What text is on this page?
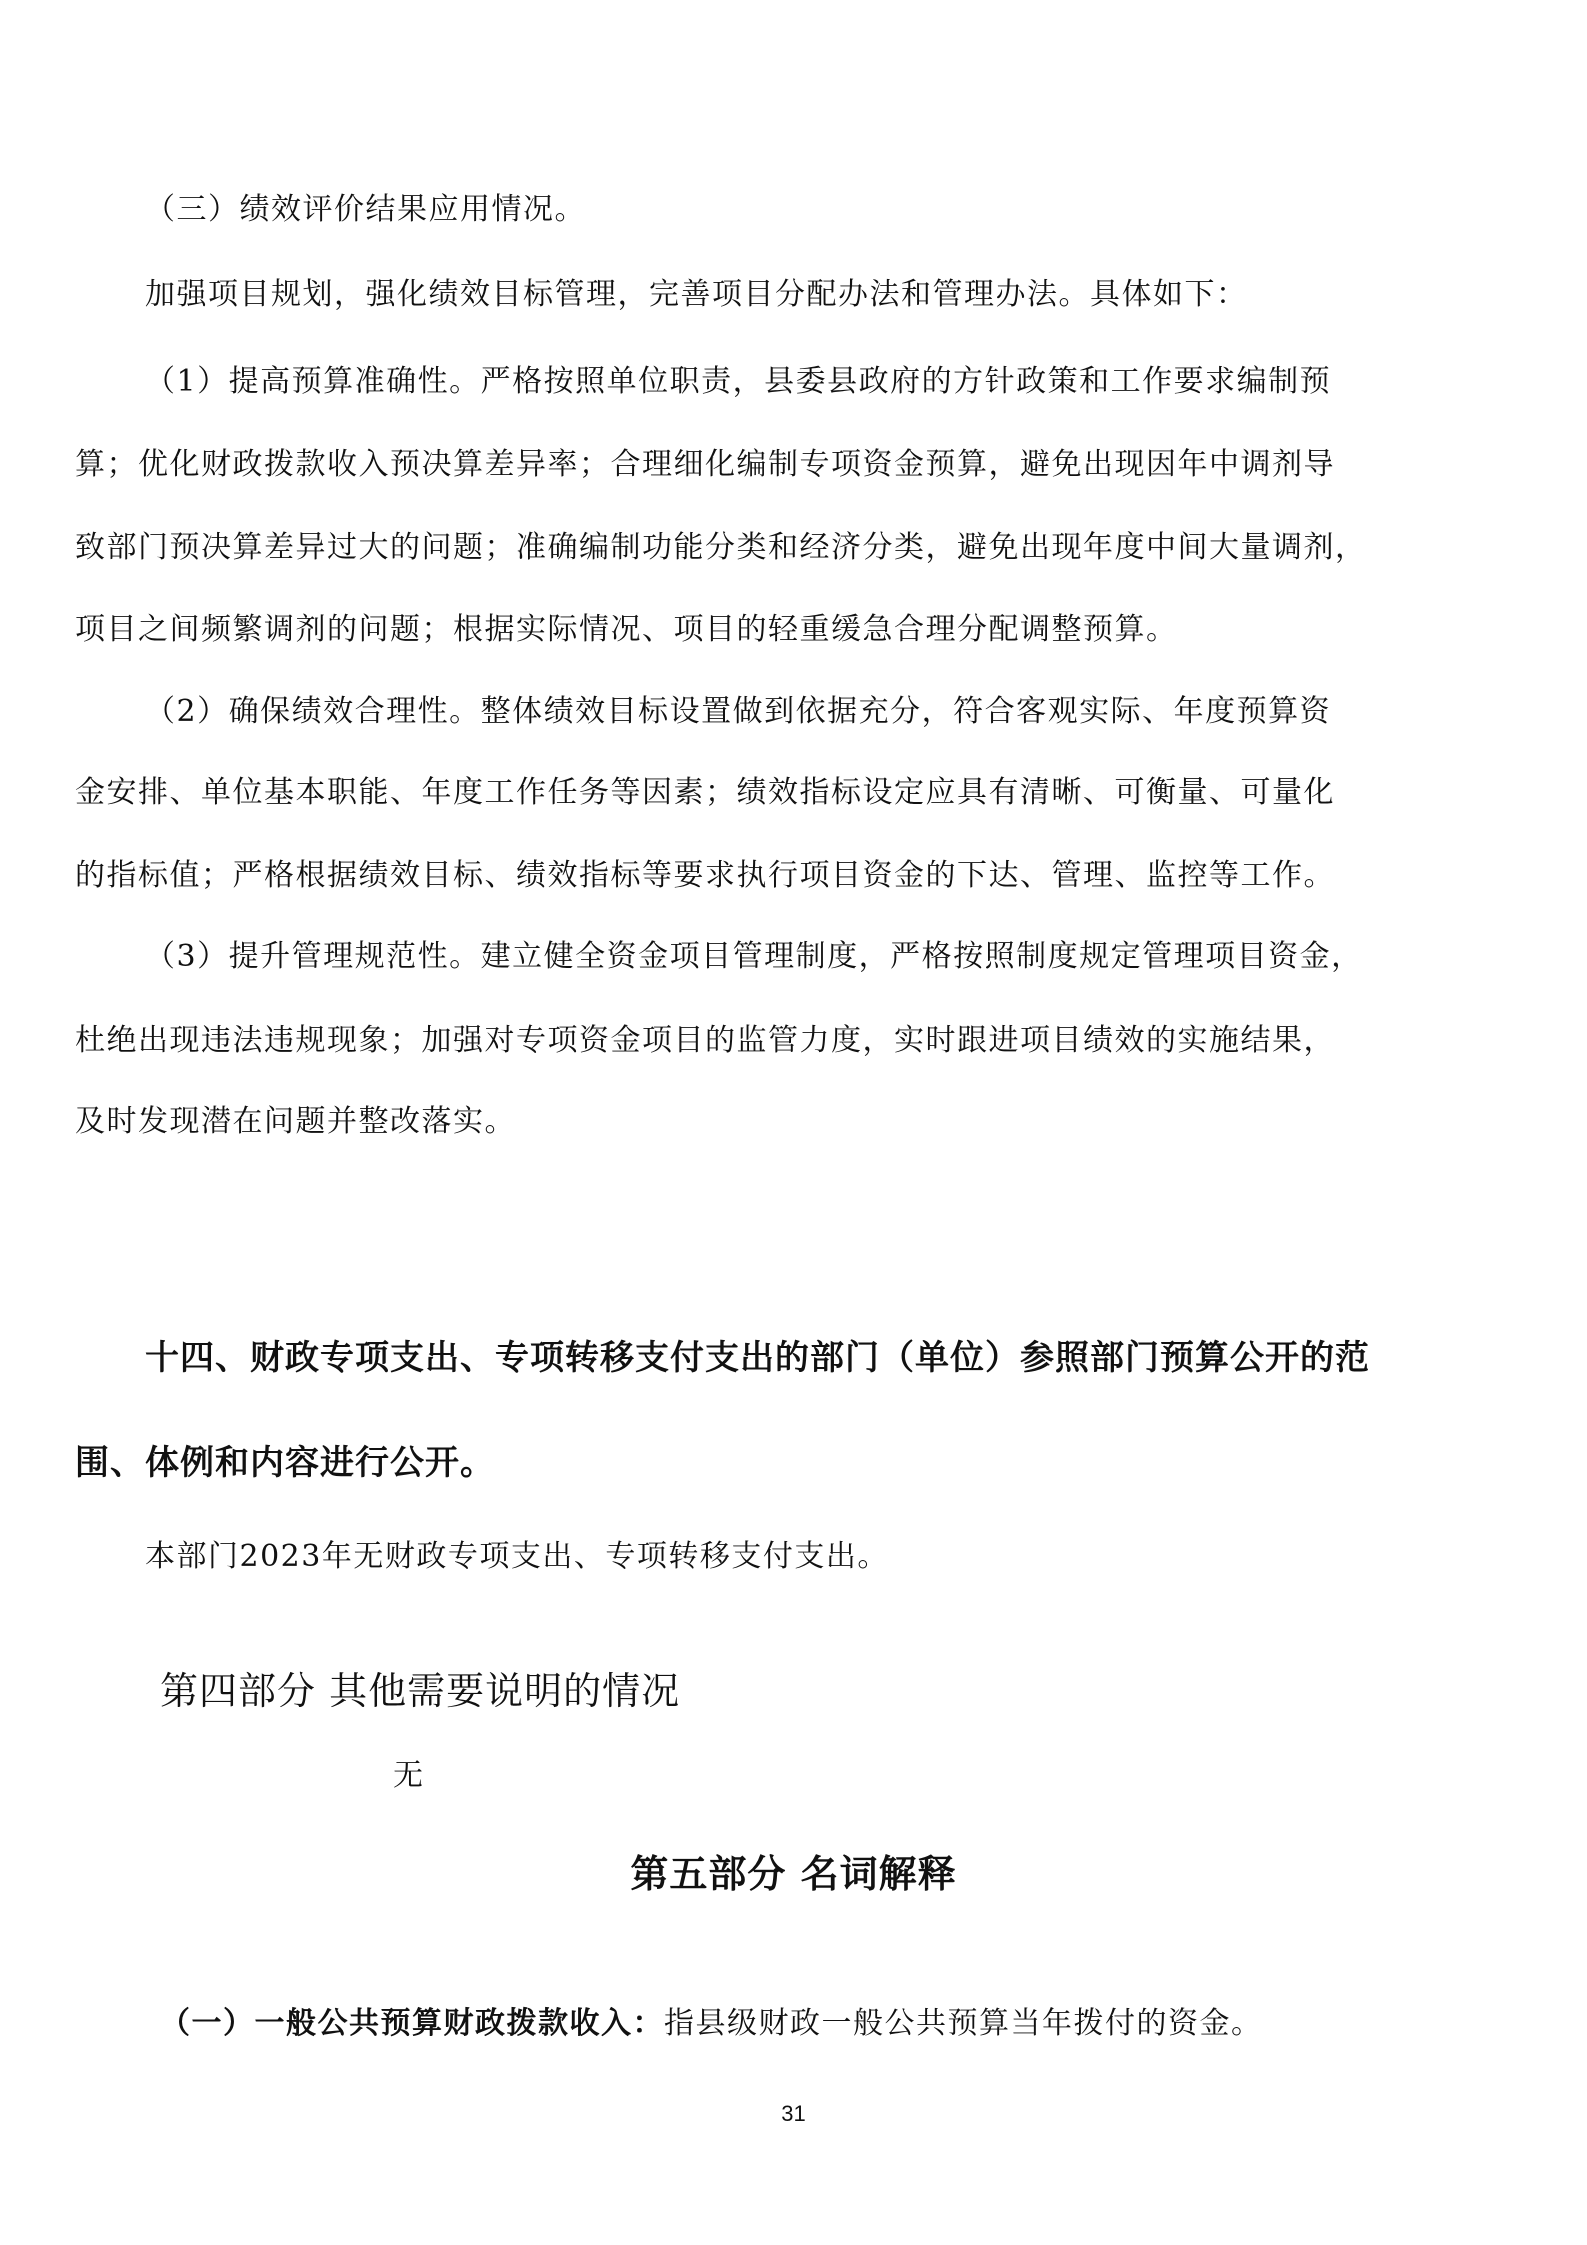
（三）绩效评价结果应用情况。
加强项目规划，强化绩效目标管理，完善项目分配办法和管理办法。具体如下：
（1）提高预算准确性。严格按照单位职责，县委县政府的方针政策和工作要求编制预
算；优化财政拨款收入预决算差异率；合理细化编制专项资金预算，避免出现因年中调剂导
致部门预决算差异过大的问题；准确编制功能分类和经济分类，避免出现年度中间大量调剂，
项目之间频繁调剂的问题；根据实际情况、项目的轻重缓急合理分配调整预算。
（2）确保绩效合理性。整体绩效目标设置做到依据充分，符合客观实际、年度预算资
金安排、单位基本职能、年度工作任务等因素；绩效指标设定应具有清晰、可衡量、可量化
的指标值；严格根据绩效目标、绩效指标等要求执行项目资金的下达、管理、监控等工作。
（3）提升管理规范性。建立健全资金项目管理制度，严格按照制度规定管理项目资金，
杜绝出现违法违规现象；加强对专项资金项目的监管力度，实时跟进项目绩效的实施结果，
及时发现潜在问题并整改落实。
十四、财政专项支出、专项转移支付支出的部门（单位）参照部门预算公开的范
围、体例和内容进行公开。
本部门2023年无财政专项支出、专项转移支付支出。
第四部分 其他需要说明的情况
无
第五部分 名词解释
（一）一般公共预算财政拨款收入：指县级财政一般公共预算当年拨付的资金。
31
